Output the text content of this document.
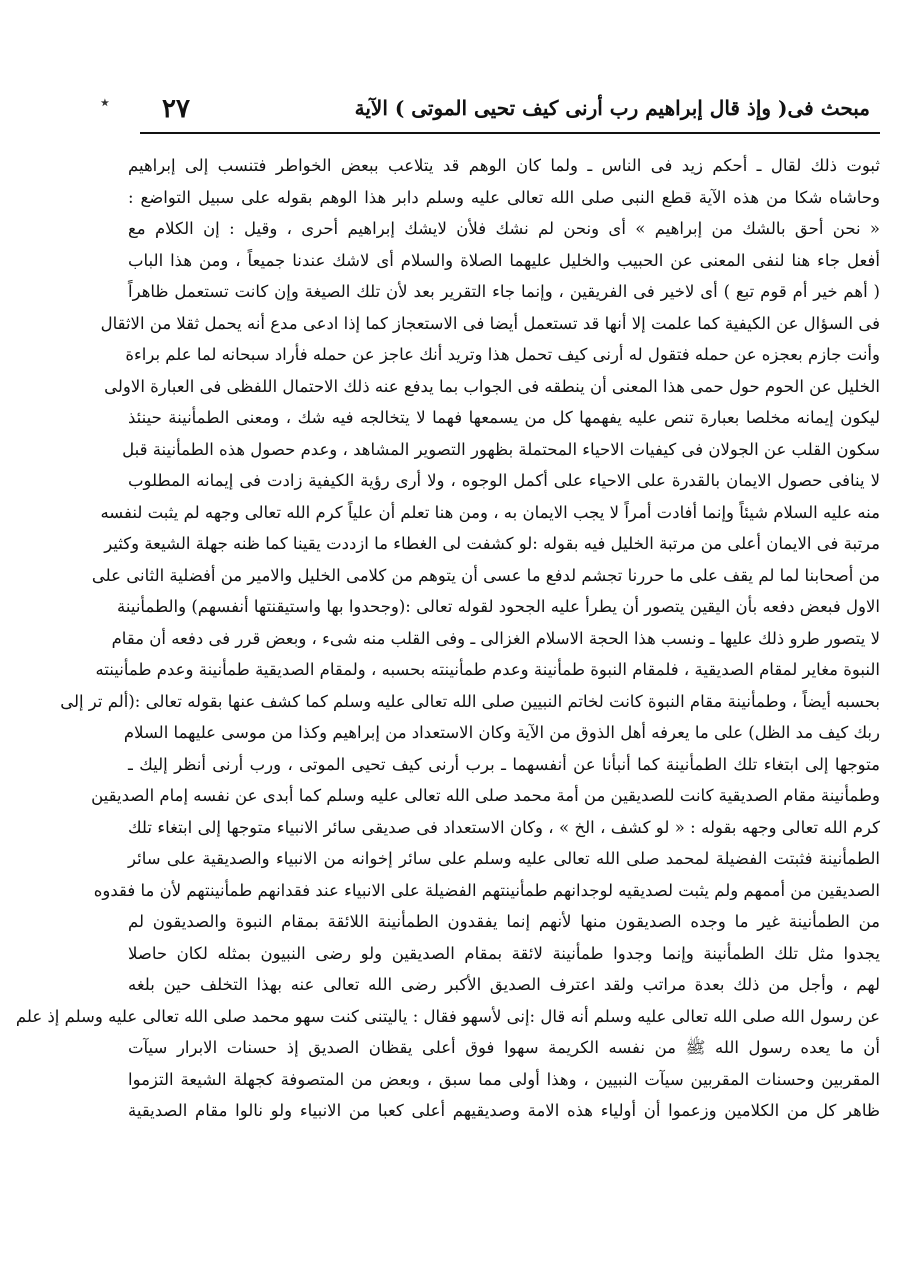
٭	مبحث فى( وإذ قال إبراهيم رب أرنى كيف تحيى الموتى ) الآية
٢٧
ثبوت ذلك لقال ـ أحكم زيد فى الناس ـ ولما كان الوهم قد يتلاعب ببعض الخواطر فتنسب إلى إبراهيم
وحاشاه شكا من هذه الآية قطع النبى صلى الله تعالى عليه وسلم دابر هذا الوهم بقوله على سبيل التواضع :
« نحن أحق بالشك من إبراهيم » أى ونحن لم نشك فلأن لايشك إبراهيم أحرى ، وقيل : إن الكلام مع
أفعل جاء هنا لنفى المعنى عن الحبيب والخليل عليهما الصلاة والسلام أى لاشك عندنا جميعاً ، ومن هذا الباب
( أهم خير أم قوم تبع ) أى لاخير فى الفريقين ، وإنما جاء التقرير بعد لأن تلك الصيغة وإن كانت تستعمل ظاهراً
فى السؤال عن الكيفية كما علمت إلا أنها قد تستعمل أيضا فى الاستعجاز كما إذا ادعى مدع أنه يحمل ثقلا من الاثقال
وأنت جازم بعجزه عن حمله فتقول له أرنى كيف تحمل هذا وتريد أنك عاجز عن حمله فأراد سبحانه لما علم براءة
الخليل عن الحوم حول حمى هذا المعنى أن ينطقه فى الجواب بما يدفع عنه ذلك الاحتمال اللفظى فى العبارة الاولى
ليكون إيمانه مخلصا بعبارة تنص عليه يفهمها كل من يسمعها فهما لا يتخالجه فيه شك ، ومعنى الطمأنينة حينئذ
سكون القلب عن الجولان فى كيفيات الاحياء المحتملة بظهور التصوير المشاهد ، وعدم حصول هذه الطمأنينة قبل
لا ينافى حصول الايمان بالقدرة على الاحياء على أكمل الوجوه ، ولا أرى رؤية الكيفية زادت فى إيمانه المطلوب
منه عليه السلام شيئاً وإنما أفادت أمراً لا يجب الايمان به ، ومن هنا تعلم أن علياً كرم الله تعالى وجهه لم يثبت لنفسه
مرتبة فى الايمان أعلى من مرتبة الخليل فيه بقوله :لو كشفت لى الغطاء ما ازددت يقينا كما ظنه جهلة الشيعة وكثير
من أصحابنا لما لم يقف على ما حررنا تجشم لدفع ما عسى أن يتوهم من كلامى الخليل والامير من أفضلية الثانى على
الاول فبعض دفعه بأن اليقين يتصور أن يطرأ عليه الجحود لقوله تعالى :(وجحدوا بها واستيقنتها أنفسهم) والطمأنينة
لا يتصور طرو ذلك عليها ـ ونسب هذا الحجة الاسلام الغزالى ـ وفى القلب منه شىء ، وبعض قرر فى دفعه أن مقام
النبوة مغاير لمقام الصديقية ، فلمقام النبوة طمأنينة وعدم طمأنينته بحسبه ، ولمقام الصديقية طمأنينة وعدم طمأنينته
بحسبه أيضاً ، وطمأنينة مقام النبوة كانت لخاتم النبيين صلى الله تعالى عليه وسلم كما كشف عنها بقوله تعالى :(ألم تر إلى
ربك كيف مد الظل) على ما يعرفه أهل الذوق من الآية وكان الاستعداد من إبراهيم وكذا من موسى عليهما السلام
متوجها إلى ابتغاء تلك الطمأنينة كما أنبأنا عن أنفسهما ـ برب أرنى كيف تحيى الموتى ، ورب أرنى أنظر إليك ـ
وطمأنينة مقام الصديقية كانت للصديقين من أمة محمد صلى الله تعالى عليه وسلم كما أبدى عن نفسه إمام الصديقين
كرم الله تعالى وجهه بقوله : « لو كشف ، الخ » ، وكان الاستعداد فى صديقى سائر الانبياء متوجها إلى ابتغاء تلك
الطمأنينة فثبتت الفضيلة لمحمد صلى الله تعالى عليه وسلم على سائر إخوانه من الانبياء والصديقية على سائر
الصديقين من أممهم ولم يثبت لصديقيه لوجدانهم طمأنينتهم الفضيلة على الانبياء عند فقدانهم طمأنينتهم لأن ما فقدوه
من الطمأنينة غير ما وجده الصديقون منها لأنهم إنما يفقدون الطمأنينة اللائقة بمقام النبوة والصديقون لم
يجدوا مثل تلك الطمأنينة وإنما وجدوا طمأنينة لائقة بمقام الصديقين ولو رضى النبيون بمثله لكان حاصلا
لهم ، وأجل من ذلك بعدة مراتب ولقد اعترف الصديق الأكبر رضى الله تعالى عنه بهذا التخلف حين بلغه
عن رسول الله صلى الله تعالى عليه وسلم أنه قال :إنى لأسهو فقال : ياليتنى كنت سهو محمد صلى الله تعالى عليه وسلم إذ علم
أن ما يعده رسول الله ﷺ من نفسه الكريمة سهوا فوق أعلى يقظان الصديق إذ حسنات الابرار سيآت
المقربين وحسنات المقربين سيآت النبيين ، وهذا أولى مما سبق ، وبعض من المتصوفة كجهلة الشيعة التزموا
ظاهر كل من الكلامين وزعموا أن أولياء هذه الامة وصديقيهم أعلى كعبا من الانبياء ولو نالوا مقام الصديقية
